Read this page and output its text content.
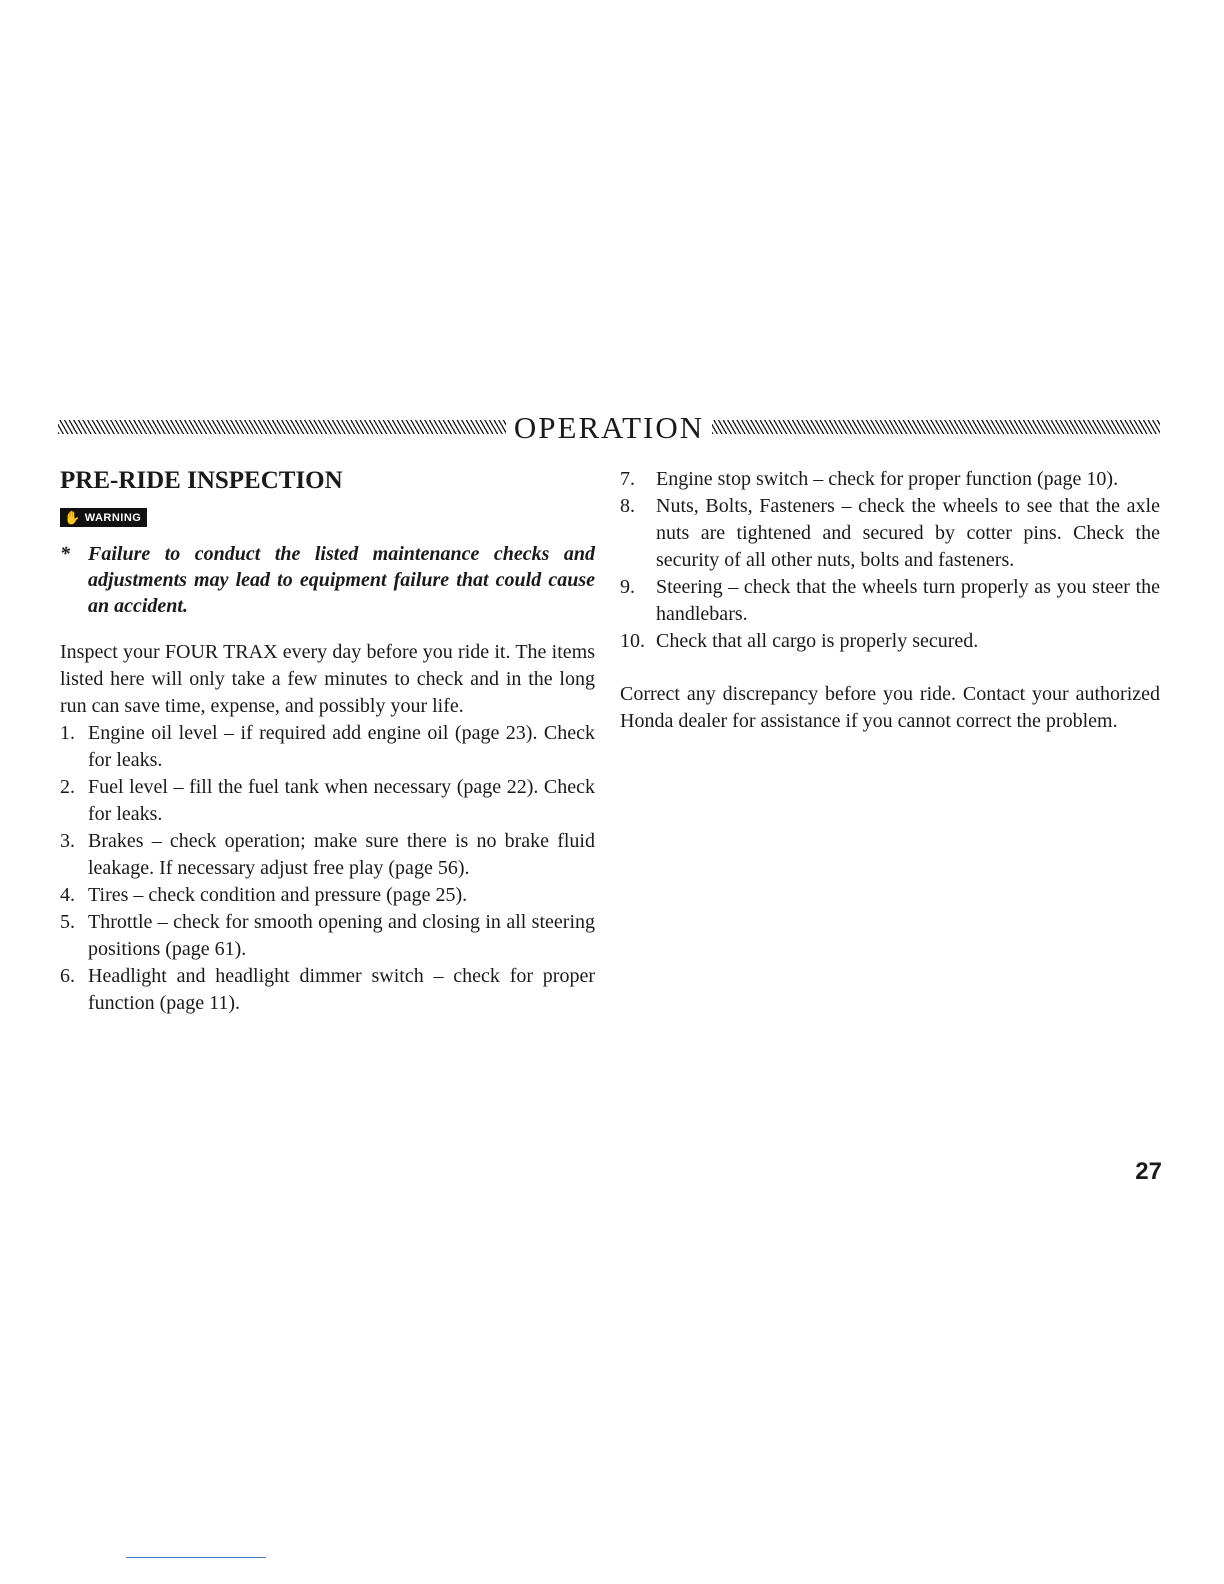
OPERATION
PRE-RIDE INSPECTION
✋ WARNING
* Failure to conduct the listed maintenance checks and adjustments may lead to equipment failure that could cause an accident.

Inspect your FOUR TRAX every day before you ride it. The items listed here will only take a few minutes to check and in the long run can save time, expense, and possibly your life.

1. Engine oil level – if required add engine oil (page 23). Check for leaks.
2. Fuel level – fill the fuel tank when necessary (page 22). Check for leaks.
3. Brakes – check operation; make sure there is no brake fluid leakage. If necessary adjust free play (page 56).
4. Tires – check condition and pressure (page 25).
5. Throttle – check for smooth opening and closing in all steering positions (page 61).
6. Headlight and headlight dimmer switch – check for proper function (page 11).
7.	Engine stop switch – check for proper function (page 10).
8.	Nuts, Bolts, Fasteners – check the wheels to see that the axle nuts are tightened and secured by cotter pins. Check the security of all other nuts, bolts and fasteners.
9.	Steering – check that the wheels turn properly as you steer the handlebars.
10. Check that all cargo is properly secured.

Correct any discrepancy before you ride. Contact your authorized Honda dealer for assistance if you cannot correct the problem.

27
